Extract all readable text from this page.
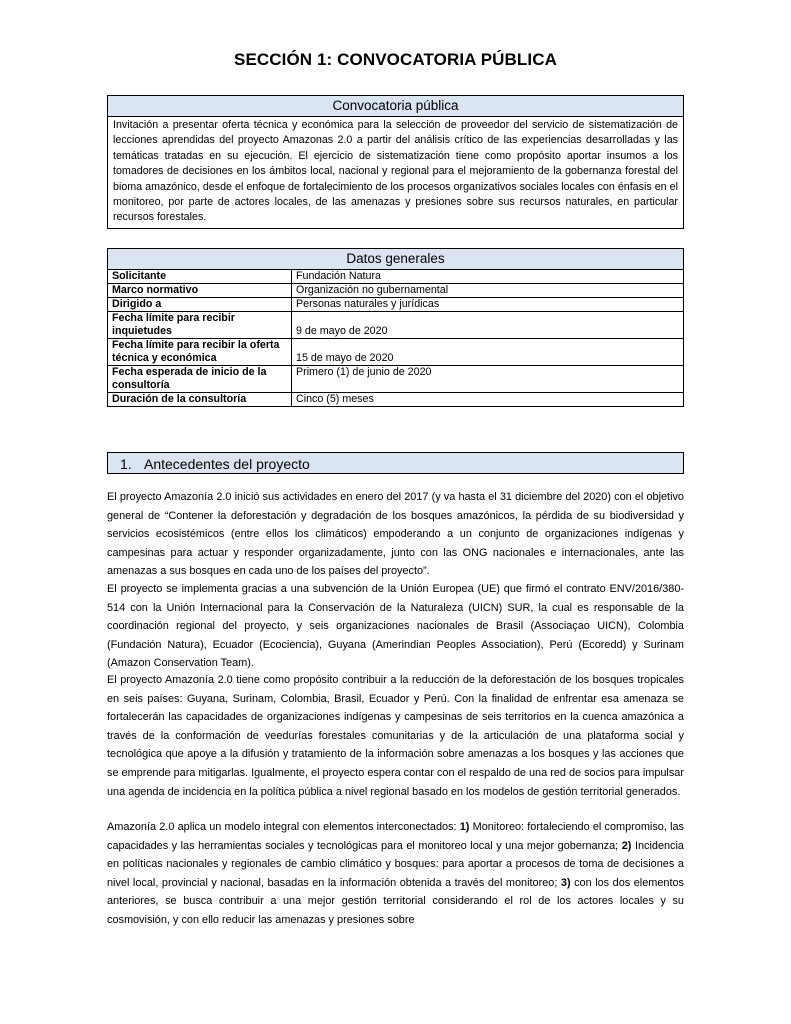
SECCIÓN 1: CONVOCATORIA PÚBLICA
Convocatoria pública
Invitación a presentar oferta técnica y económica para la selección de proveedor del servicio de sistematización de lecciones aprendidas del proyecto Amazonas 2.0 a partir del análisis crítico de las experiencias desarrolladas y las temáticas tratadas en su ejecución. El ejercicio de sistematización tiene como propósito aportar insumos a los tomadores de decisiones en los ámbitos local, nacional y regional para el mejoramiento de la gobernanza forestal del bioma amazónico, desde el enfoque de fortalecimiento de los procesos organizativos sociales locales con énfasis en el monitoreo, por parte de actores locales, de las amenazas y presiones sobre sus recursos naturales, en particular recursos forestales.
Datos generales	
Solicitante	Fundación Natura
Marco normativo	Organización no gubernamental
Dirigido a	Personas naturales y jurídicas
Fecha límite para recibir inquietudes	9 de mayo de 2020
Fecha límite para recibir la oferta técnica y económica	15 de mayo de 2020
Fecha esperada de inicio de la consultoría	Primero (1) de junio de 2020
Duración de la consultoría	Cinco (5) meses
1. Antecedentes del proyecto

El proyecto Amazonía 2.0 inició sus actividades en enero del 2017 (y va hasta el 31 diciembre del 2020) con el objetivo general de “Contener la deforestación y degradación de los bosques amazónicos, la pérdida de su biodiversidad y servicios ecosistémicos (entre ellos los climáticos) empoderando a un conjunto de organizaciones indígenas y campesinas para actuar y responder organizadamente, junto con las ONG nacionales e internacionales, ante las amenazas a sus bosques en cada uno de los países del proyecto”.

El proyecto se implementa gracias a una subvención de la Unión Europea (UE) que firmó el contrato ENV/2016/380-514 con la Unión Internacional para la Conservación de la Naturaleza (UICN) SUR, la cual es responsable de la coordinación regional del proyecto, y seis organizaciones nacionales de Brasil (Associaçao UICN), Colombia (Fundación Natura), Ecuador (Ecociencia), Guyana (Amerindian Peoples Association), Perú (Ecoredd) y Surinam (Amazon Conservation Team).

El proyecto Amazonía 2.0 tiene como propósito contribuir a la reducción de la deforestación de los bosques tropicales en seis países: Guyana, Surinam, Colombia, Brasil, Ecuador y Perú. Con la finalidad de enfrentar esa amenaza se fortalecerán las capacidades de organizaciones indígenas y campesinas de seis territorios en la cuenca amazónica a través de la conformación de veedurías forestales comunitarias y de la articulación de una plataforma social y tecnológica que apoye a la difusión y tratamiento de la información sobre amenazas a los bosques y las acciones que se emprende para mitigarlas. Igualmente, el proyecto espera contar con el respaldo de una red de socios para impulsar una agenda de incidencia en la política pública a nivel regional basado en los modelos de gestión territorial generados.

Amazonía 2.0 aplica un modelo integral con elementos interconectados: 1) Monitoreo: fortaleciendo el compromiso, las capacidades y las herramientas sociales y tecnológicas para el monitoreo local y una mejor gobernanza; 2) Incidencia en políticas nacionales y regionales de cambio climático y bosques: para aportar a procesos de toma de decisiones a nivel local, provincial y nacional, basadas en la información obtenida a través del monitoreo; 3) con los dos elementos anteriores, se busca contribuir a una mejor gestión territorial considerando el rol de los actores locales y su cosmovisión, y con ello reducir las amenazas y presiones sobre
